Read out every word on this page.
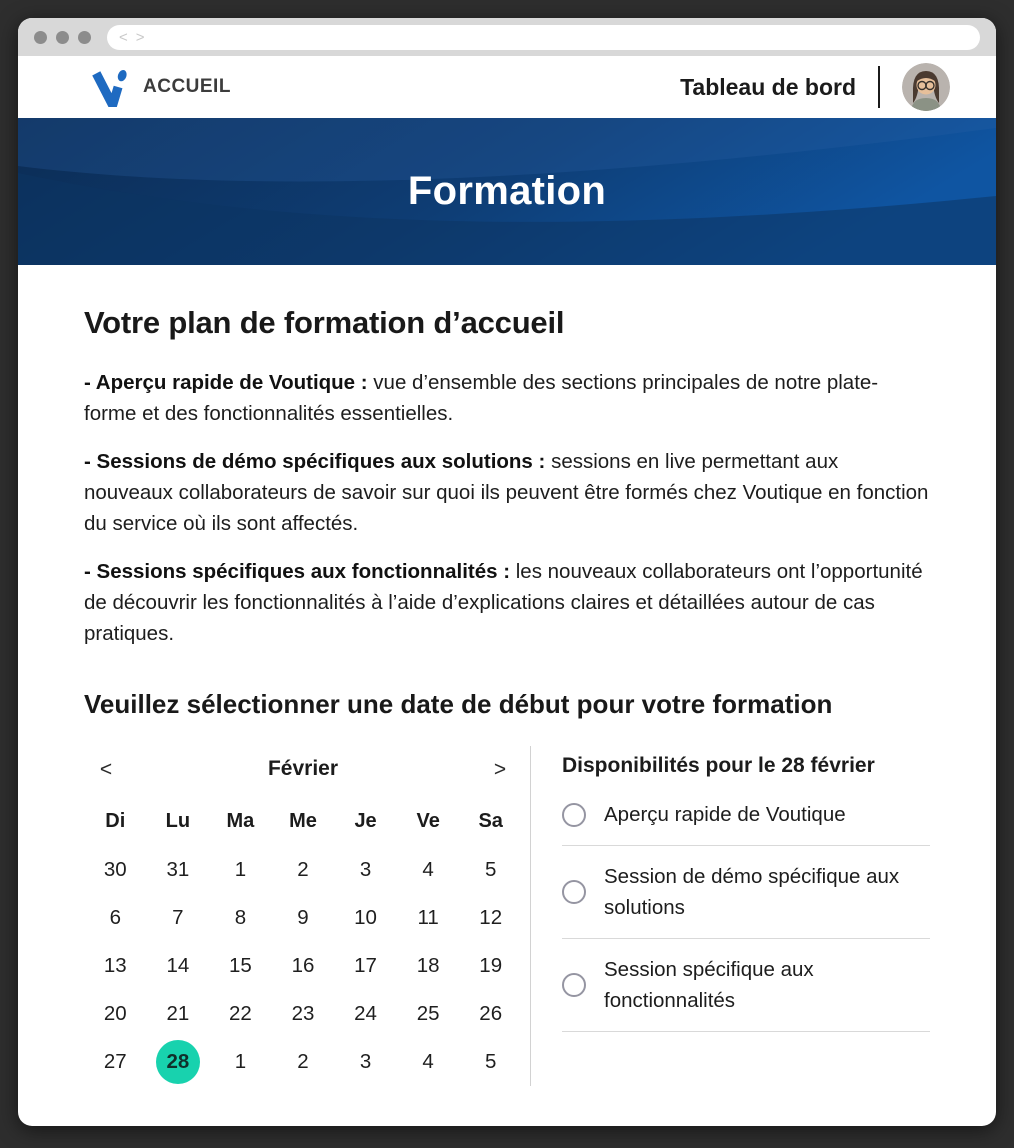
< >
ACCUEIL	Tableau de bord
Formation
Votre plan de formation d’accueil

- Aperçu rapide de Voutique : vue d’ensemble des sections principales de notre plate-forme et des fonctionnalités essentielles.

- Sessions de démo spécifiques aux solutions : sessions en live permettant aux nouveaux collaborateurs de savoir sur quoi ils peuvent être formés chez Voutique en fonction du service où ils sont affectés.

- Sessions spécifiques aux fonctionnalités : les nouveaux collaborateurs ont l’opportunité de découvrir les fonctionnalités à l’aide d’explications claires et détaillées autour de cas pratiques.

Veuillez sélectionner une date de début pour votre formation
<	Février	>
Di	Lu	Ma	Me	Je	Ve	Sa
30	31	1	2	3	4	5
6	7	8	9	10	11	12
13	14	15	16	17	18	19
20	21	22	23	24	25	26
27	28	1	2	3	4	5
Disponibilités pour le 28 février
Aperçu rapide de Voutique
Session de démo spécifique aux solutions
Session spécifique aux fonctionnalités
